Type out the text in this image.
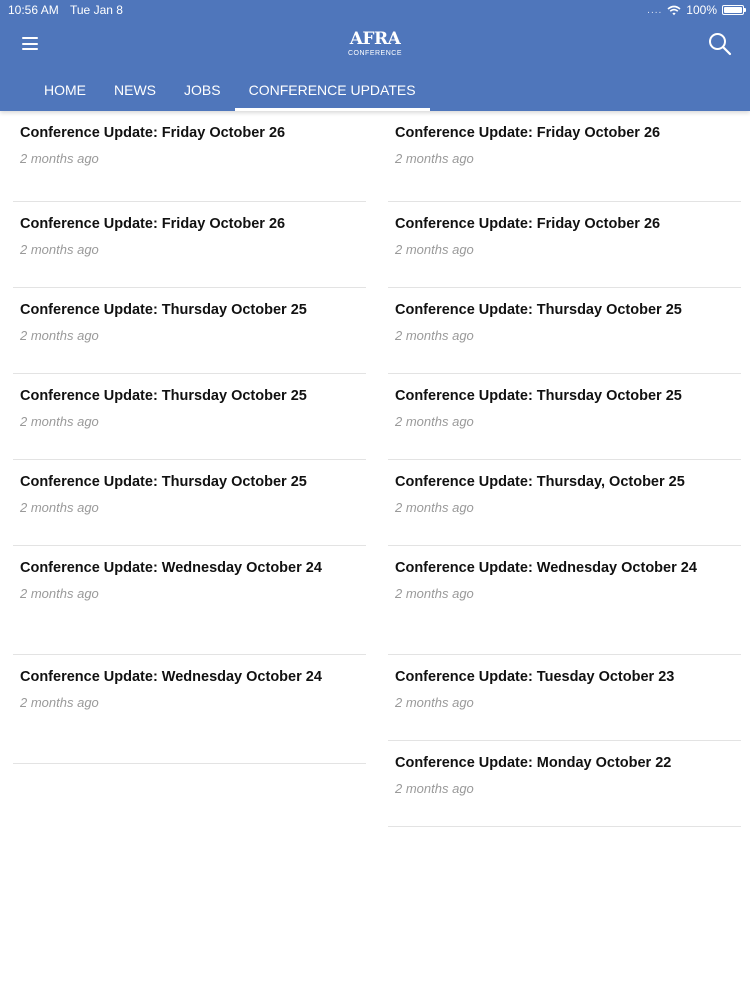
10:56 AM Tue Jan 8	.... 100%
AFRA
CONFERENCE
HOME	NEWS	JOBS	CONFERENCE UPDATES
Conference Update: Friday October 26
2 months ago
Conference Update: Friday October 26
2 months ago
Conference Update: Thursday October 25
2 months ago
Conference Update: Thursday October 25
2 months ago
Conference Update: Thursday October 25
2 months ago
Conference Update: Wednesday October 24
2 months ago
Conference Update: Wednesday October 24
2 months ago
Conference Update: Friday October 26
2 months ago
Conference Update: Friday October 26
2 months ago
Conference Update: Thursday October 25
2 months ago
Conference Update: Thursday October 25
2 months ago
Conference Update: Thursday, October 25
2 months ago
Conference Update: Wednesday October 24
2 months ago
Conference Update: Tuesday October 23
2 months ago
Conference Update: Monday October 22
2 months ago
